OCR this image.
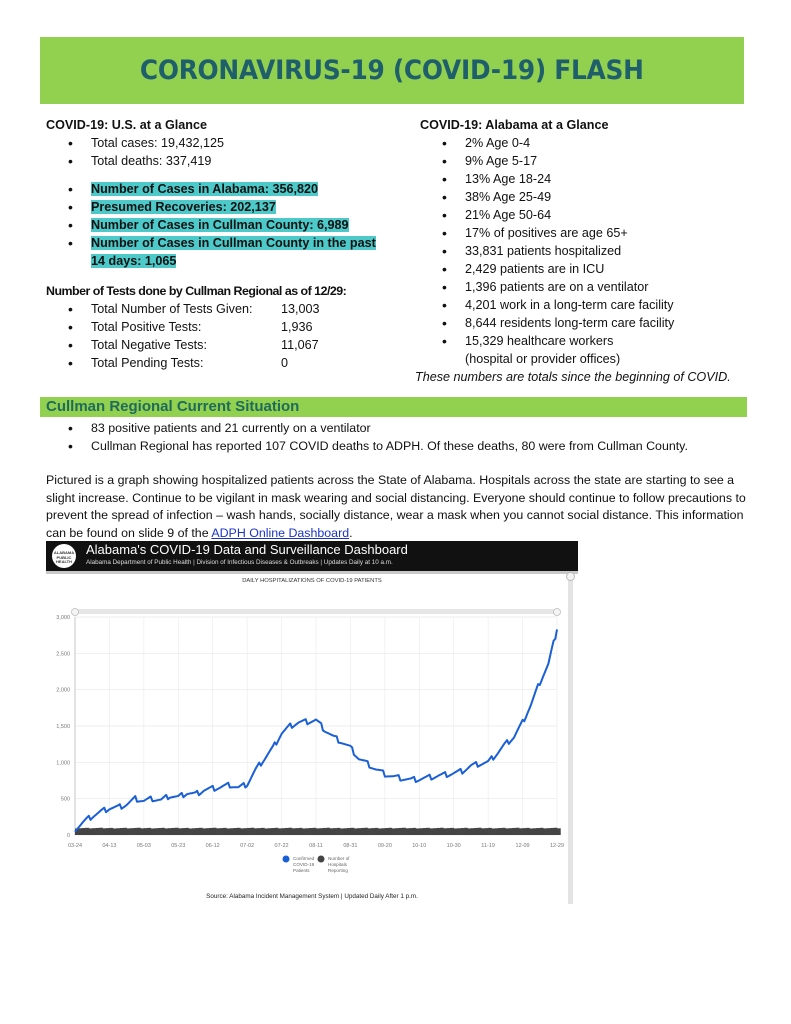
CORONAVIRUS-19 (COVID-19) FLASH
COVID-19: U.S. at a Glance
• Total cases: 19,432,125
• Total deaths: 337,419
• Number of Cases in Alabama: 356,820
• Presumed Recoveries: 202,137
• Number of Cases in Cullman County: 6,989
• Number of Cases in Cullman County in the past
14 days: 1,065
Number of Tests done by Cullman Regional as of 12/29:
• Total Number of Tests Given:	13,003
• Total Positive Tests:	1,936
• Total Negative Tests:	11,067
• Total Pending Tests:	0
COVID-19: Alabama at a Glance
• 2% Age 0-4
• 9% Age 5-17
• 13% Age 18-24
• 38% Age 25-49
• 21% Age 50-64
• 17% of positives are age 65+
• 33,831 patients hospitalized
• 2,429 patients are in ICU
• 1,396 patients are on a ventilator
• 4,201 work in a long-term care facility
• 8,644 residents long-term care facility
• 15,329 healthcare workers
(hospital or provider offices)
These numbers are totals since the beginning of COVID.
Cullman Regional Current Situation
• 83 positive patients and 21 currently on a ventilator
• Cullman Regional has reported 107 COVID deaths to ADPH. Of these deaths, 80 were from Cullman County.
Pictured is a graph showing hospitalized patients across the State of Alabama. Hospitals across the state are starting to see a slight increase. Continue to be vigilant in mask wearing and social distancing. Everyone should continue to follow precautions to prevent the spread of infection – wash hands, socially distance, wear a mask when you cannot social distance. This information can be found on slide 9 of the ADPH Online Dashboard.
ALABAMA PUBLIC HEALTH
Alabama's COVID-19 Data and Surveillance Dashboard
Alabama Department of Public Health | Division of Infectious Diseases & Outbreaks | Updates Daily at 10 a.m.
DAILY HOSPITALIZATIONS OF COVID-19 PATIENTS
0
500
1,000
1,500
2,000
2,500
3,000
03-24	04-13	05-03	05-23	06-12	07-02	07-22	08-11	08-31	09-20	10-10	10-30	11-19	12-09	12-29
Confirmed
COVID-19
Patients
Number of
Hospitals
Reporting
Source: Alabama Incident Management System | Updated Daily After 1 p.m.
